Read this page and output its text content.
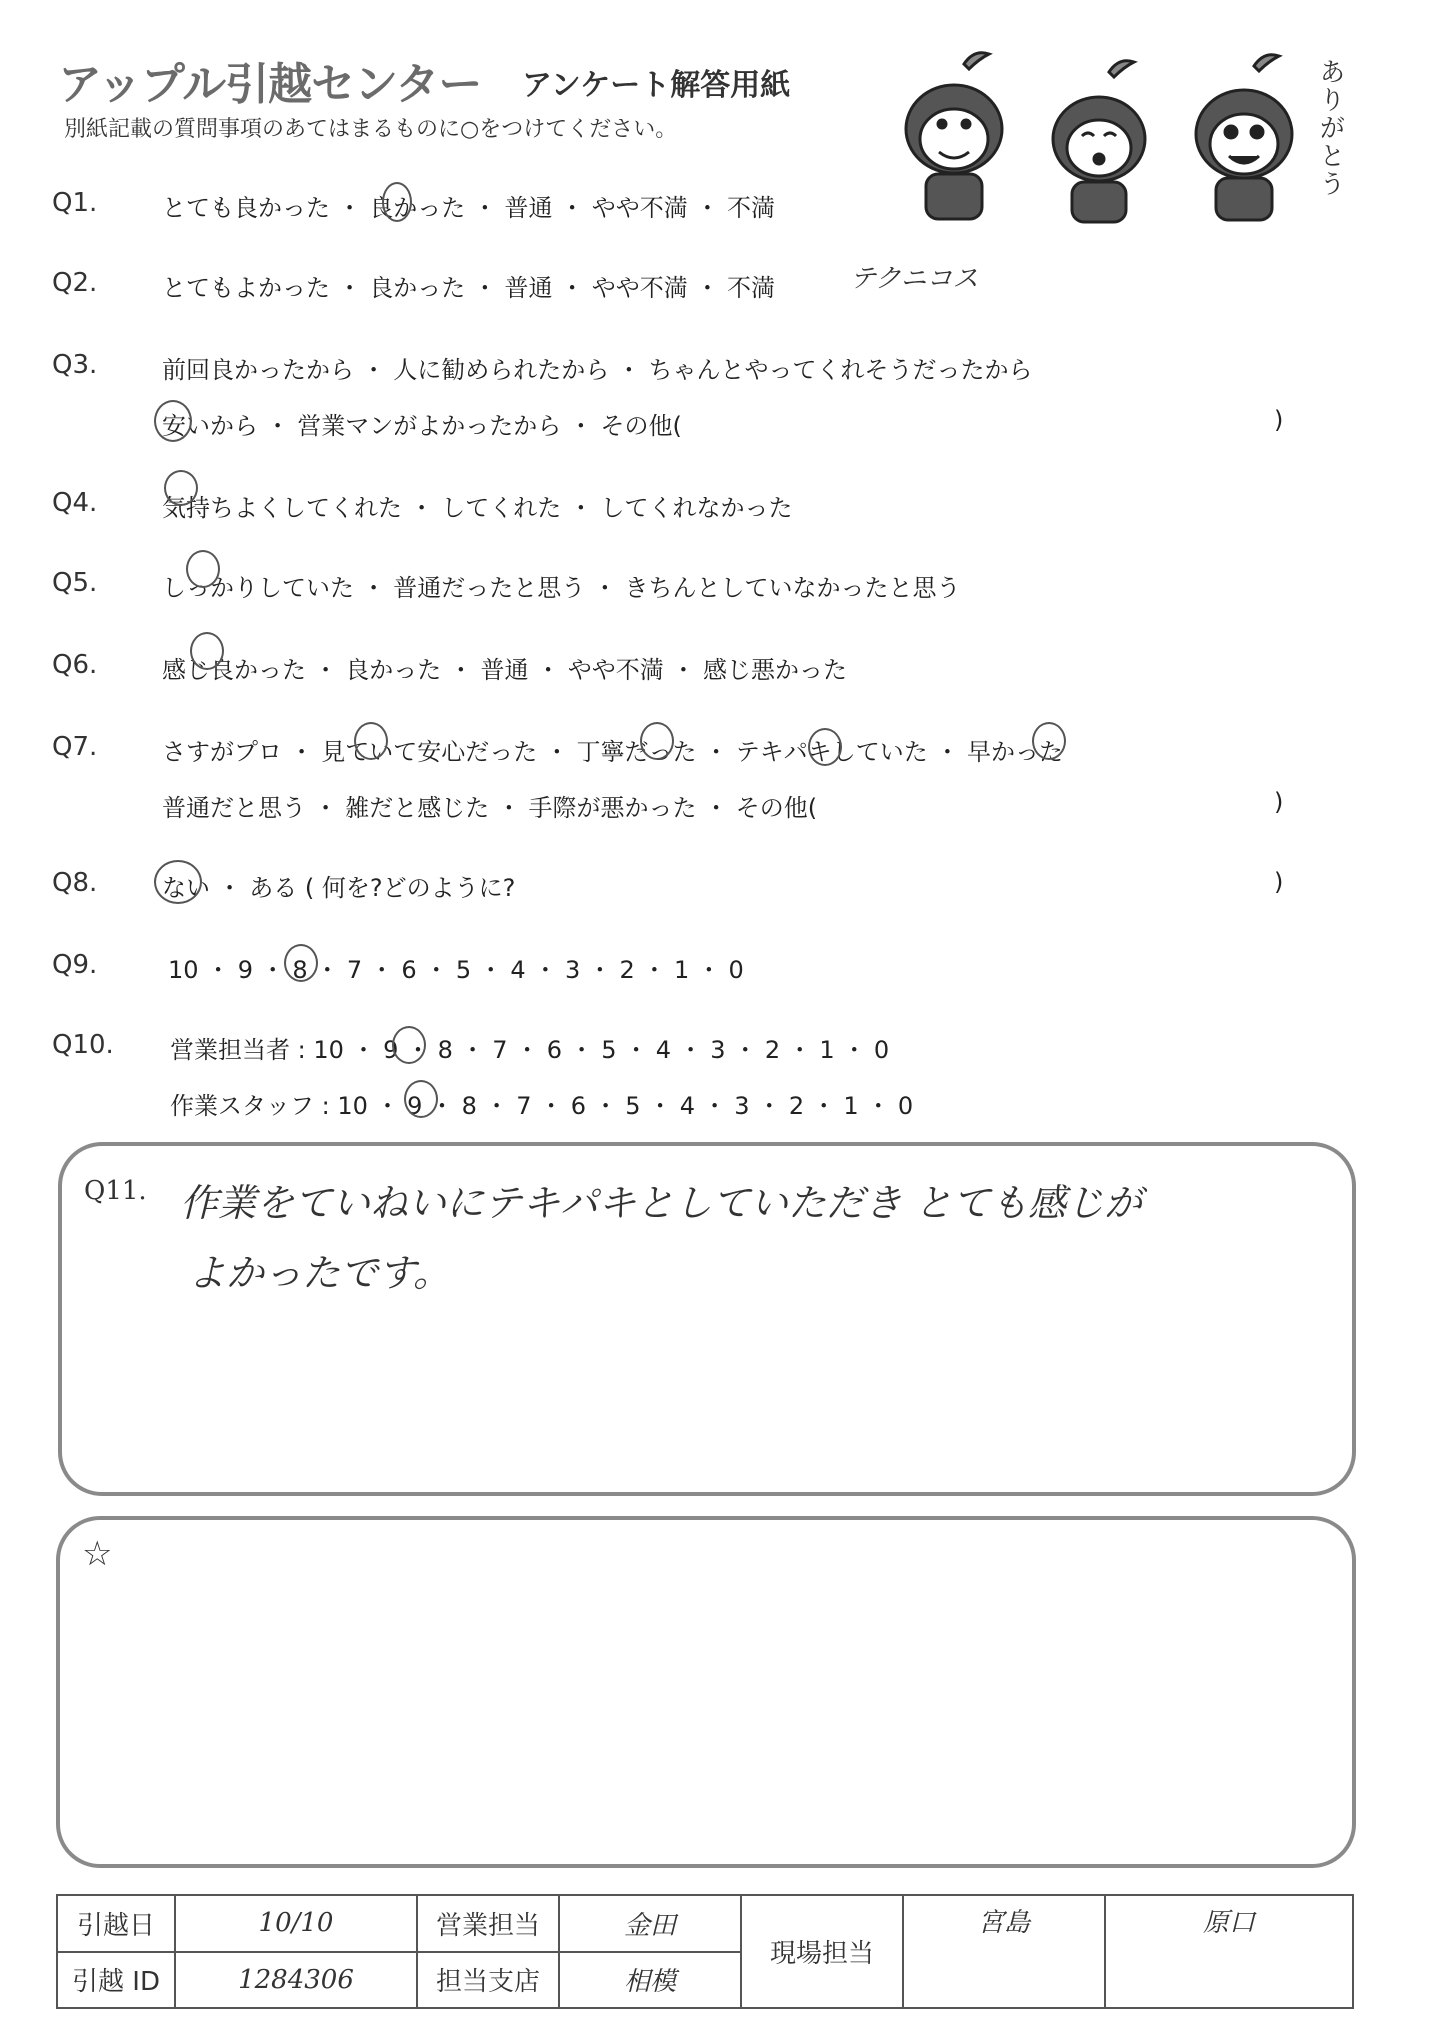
アップル引越センター アンケート解答用紙
別紙記載の質問事項のあてはまるものに○をつけてください。	ありがとう
Q1.	とても良かった ・ 良かった ・ 普通 ・ やや不満 ・ 不満
Q2.	とてもよかった ・ 良かった ・ 普通 ・ やや不満 ・ 不満	テクニコス
Q3.	前回良かったから ・ 人に勧められたから ・ ちゃんとやってくれそうだったから
安いから ・ 営業マンがよかったから ・ その他(	)
Q4.	気持ちよくしてくれた ・ してくれた ・ してくれなかった
Q5.	しっかりしていた ・ 普通だったと思う ・ きちんとしていなかったと思う
Q6.	感じ良かった ・ 良かった ・ 普通 ・ やや不満 ・ 感じ悪かった
Q7.	さすがプロ ・ 見ていて安心だった ・ 丁寧だった ・ テキパキしていた ・ 早かった
普通だと思う ・ 雑だと感じた ・ 手際が悪かった ・ その他(	)
Q8.	ない ・ ある ( 何を?どのように?	)
Q9.	10 ・ 9 ・ 8 ・ 7 ・ 6 ・ 5 ・ 4 ・ 3 ・ 2 ・ 1 ・ 0
Q10. 営業担当者 : 10 ・ 9 ・ 8 ・ 7 ・ 6 ・ 5 ・ 4 ・ 3 ・ 2 ・ 1 ・ 0
作業スタッフ : 10 ・ 9 ・ 8 ・ 7 ・ 6 ・ 5 ・ 4 ・ 3 ・ 2 ・ 1 ・ 0
Q11. 作業をていねいにテキパキとしていただき とても感じが
よかったです。
☆
引越日	10/10	営業担当	金田	現場担当	宮島	原口
引越 ID	1284306	担当支店	相模			
